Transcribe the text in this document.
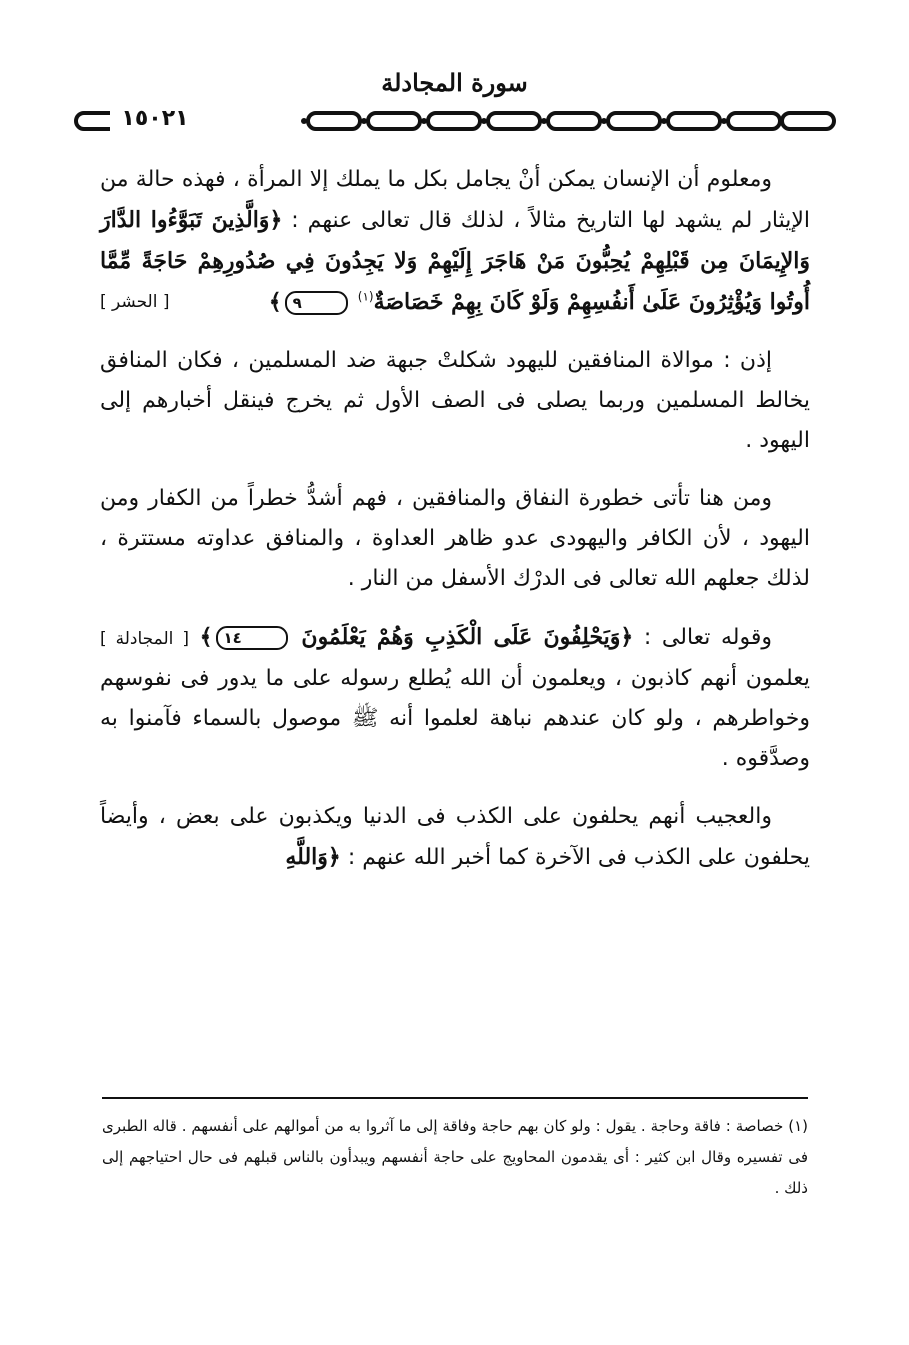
سورة المجادلة
١٥٠٢١

ومعلوم أن الإنسان يمكن أنْ يجامل بكل ما يملك إلا المرأة ، فهذه حالة من الإيثار لم يشهد لها التاريخ مثالاً ، لذلك قال تعالى عنهم : ﴿وَالَّذِينَ تَبَوَّءُوا الدَّارَ وَالإِيمَانَ مِن قَبْلِهِمْ يُحِبُّونَ مَنْ هَاجَرَ إِلَيْهِمْ وَلا يَجِدُونَ فِي صُدُورِهِمْ حَاجَةً مِّمَّا أُوتُوا وَيُؤْثِرُونَ عَلَىٰ أَنفُسِهِمْ وَلَوْ كَانَ بِهِمْ خَصَاصَةٌ$^{(١)}$ ٩﴾
[ الحشر ]

إذن : موالاة المنافقين لليهود شكلتْ جبهة ضد المسلمين ، فكان المنافق يخالط المسلمين وربما يصلى فى الصف الأول ثم يخرج فينقل أخبارهم إلى اليهود .

ومن هنا تأتى خطورة النفاق والمنافقين ، فهم أشدُّ خطراً من الكفار ومن اليهود ، لأن الكافر واليهودى عدو ظاهر العداوة ، والمنافق عداوته مستترة ، لذلك جعلهم الله تعالى فى الدرْك الأسفل من النار .

وقوله تعالى : ﴿وَيَحْلِفُونَ عَلَى الْكَذِبِ وَهُمْ يَعْلَمُونَ ١٤﴾ [ المجادلة ] يعلمون أنهم كاذبون ، ويعلمون أن الله يُطلع رسوله على ما يدور فى نفوسهم وخواطرهم ، ولو كان عندهم نباهة لعلموا أنه ﷺ موصول بالسماء فآمنوا به وصدَّقوه .

والعجيب أنهم يحلفون على الكذب فى الدنيا ويكذبون على بعض ، وأيضاً يحلفون على الكذب فى الآخرة كما أخبر الله عنهم : ﴿وَاللَّهِ

(١) خصاصة : فاقة وحاجة . يقول : ولو كان بهم حاجة وفاقة إلى ما آثروا به من أموالهم على أنفسهم . قاله الطبرى فى تفسيره وقال ابن كثير : أى يقدمون المحاويج على حاجة أنفسهم ويبدأون بالناس قبلهم فى حال احتياجهم إلى ذلك .
